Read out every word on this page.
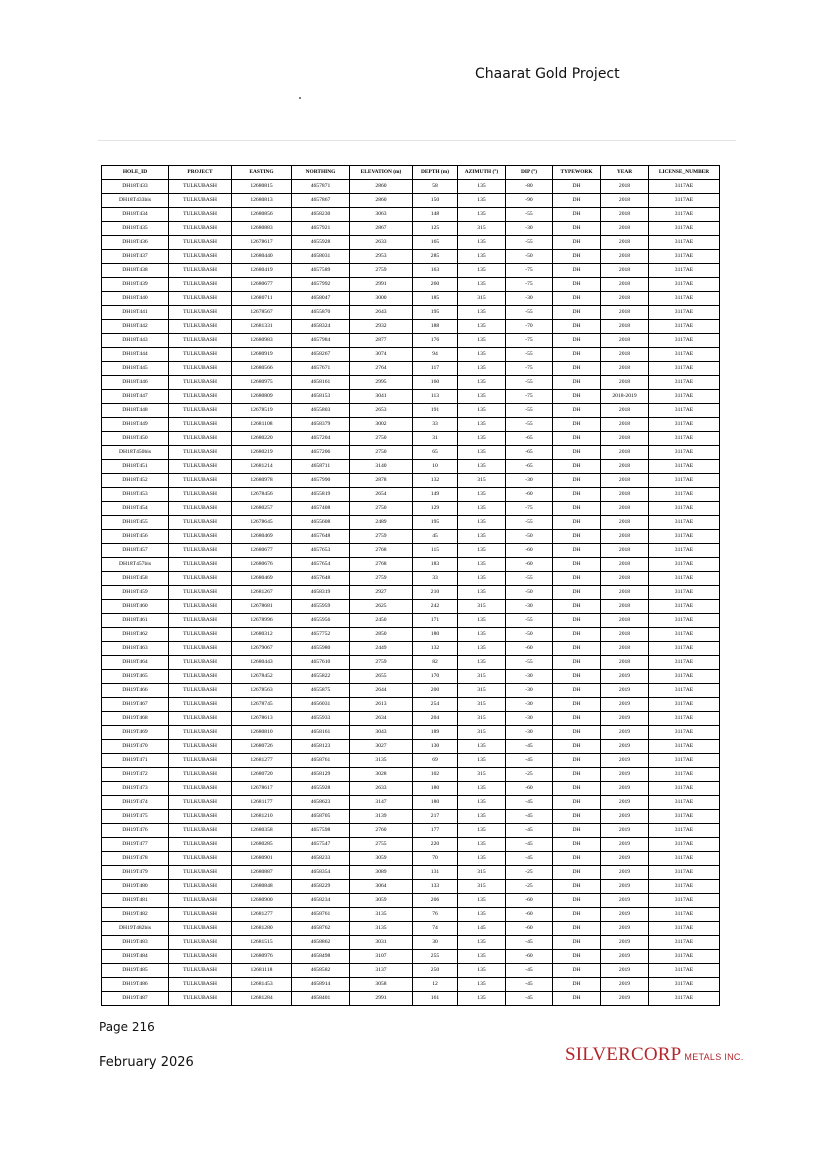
Chaarat Gold Project
HOLE_ID	PROJECT	EASTING	NORTHING	ELEVATION (m)	DEPTH (m)	AZIMUTH (°)	DIP (°)	TYPEWORK	YEAR	LICENSE_NUMBER
DH18T433	TULKUBASH	12680815	4657871	2860	58	135	-80	DH	2018	3117AE
DH18T433bis	TULKUBASH	12680813	4657867	2860	150	135	-90	DH	2018	3117AE
DH18T434	TULKUBASH	12680856	4658230	3063	148	135	-55	DH	2018	3117AE
DH18T435	TULKUBASH	12680883	4657921	2867	125	315	-30	DH	2018	3117AE
DH18T436	TULKUBASH	12678617	4655928	2633	165	135	-55	DH	2018	3117AE
DH18T437	TULKUBASH	12680440	4658031	2953	285	135	-50	DH	2018	3117AE
DH18T438	TULKUBASH	12680419	4657589	2759	163	135	-75	DH	2018	3117AE
DH18T439	TULKUBASH	12680677	4657992	2991	260	135	-75	DH	2018	3117AE
DH18T440	TULKUBASH	12680711	4658047	3000	185	315	-30	DH	2018	3117AE
DH18T441	TULKUBASH	12678567	4655870	2643	195	135	-55	DH	2018	3117AE
DH18T442	TULKUBASH	12681331	4658324	2932	188	135	-70	DH	2018	3117AE
DH18T443	TULKUBASH	12680983	4657984	2877	176	135	-75	DH	2018	3117AE
DH18T444	TULKUBASH	12680919	4658267	3074	94	135	-55	DH	2018	3117AE
DH18T445	TULKUBASH	12680566	4657671	2764	117	135	-75	DH	2018	3117AE
DH18T446	TULKUBASH	12680975	4658161	2995	160	135	-55	DH	2018	3117AE
DH18T447	TULKUBASH	12680809	4658153	3041	113	135	-75	DH	2018-2019	3117AE
DH18T448	TULKUBASH	12678519	4655803	2653	191	135	-55	DH	2018	3117AE
DH18T449	TULKUBASH	12681108	4658379	3002	33	135	-55	DH	2018	3117AE
DH18T450	TULKUBASH	12680220	4657204	2750	31	135	-65	DH	2018	3117AE
DH18T450bis	TULKUBASH	12680219	4657206	2750	65	135	-65	DH	2018	3117AE
DH18T451	TULKUBASH	12681214	4658711	3140	10	135	-65	DH	2018	3117AE
DH18T452	TULKUBASH	12680978	4657990	2878	132	315	-30	DH	2018	3117AE
DH18T453	TULKUBASH	12678456	4655819	2654	149	135	-60	DH	2018	3117AE
DH18T454	TULKUBASH	12680257	4657408	2750	129	135	-75	DH	2018	3117AE
DH18T455	TULKUBASH	12678645	4655608	2489	195	135	-55	DH	2018	3117AE
DH18T456	TULKUBASH	12680469	4657648	2759	45	135	-50	DH	2018	3117AE
DH18T457	TULKUBASH	12680677	4657653	2768	115	135	-60	DH	2018	3117AE
DH18T457bis	TULKUBASH	12680676	4657654	2768	183	135	-60	DH	2018	3117AE
DH18T458	TULKUBASH	12680469	4657648	2759	33	135	-55	DH	2018	3117AE
DH18T459	TULKUBASH	12681267	4658319	2927	210	135	-50	DH	2018	3117AE
DH18T460	TULKUBASH	12678681	4655959	2625	242	315	-30	DH	2018	3117AE
DH18T461	TULKUBASH	12678996	4655956	2450	171	135	-55	DH	2018	3117AE
DH18T462	TULKUBASH	12680312	4657752	2850	180	135	-50	DH	2018	3117AE
DH18T463	TULKUBASH	12679067	4655980	2449	132	135	-60	DH	2018	3117AE
DH18T464	TULKUBASH	12680443	4657610	2759	82	135	-55	DH	2018	3117AE
DH19T465	TULKUBASH	12678452	4655822	2655	170	315	-30	DH	2019	3117AE
DH19T466	TULKUBASH	12678563	4655875	2644	200	315	-30	DH	2019	3117AE
DH19T467	TULKUBASH	12678745	4656031	2613	254	315	-30	DH	2019	3117AE
DH19T468	TULKUBASH	12678613	4655933	2634	204	315	-30	DH	2019	3117AE
DH19T469	TULKUBASH	12680810	4658161	3043	189	315	-30	DH	2019	3117AE
DH19T470	TULKUBASH	12680726	4658123	3027	130	135	-45	DH	2019	3117AE
DH19T471	TULKUBASH	12681277	4658761	3135	69	135	-45	DH	2019	3117AE
DH19T472	TULKUBASH	12680720	4658129	3028	102	315	-25	DH	2019	3117AE
DH19T473	TULKUBASH	12678617	4655928	2633	180	135	-60	DH	2019	3117AE
DH19T474	TULKUBASH	12681177	4658623	3147	180	135	-45	DH	2019	3117AE
DH19T475	TULKUBASH	12681210	4658705	3139	217	135	-45	DH	2019	3117AE
DH19T476	TULKUBASH	12680358	4657598	2760	177	135	-45	DH	2019	3117AE
DH19T477	TULKUBASH	12680285	4657547	2755	220	135	-45	DH	2019	3117AE
DH19T478	TULKUBASH	12680901	4658233	3059	70	135	-45	DH	2019	3117AE
DH19T479	TULKUBASH	12680887	4658354	3089	131	315	-25	DH	2019	3117AE
DH19T480	TULKUBASH	12680848	4658229	3064	133	315	-25	DH	2019	3117AE
DH19T481	TULKUBASH	12680900	4658234	3059	206	135	-60	DH	2019	3117AE
DH19T482	TULKUBASH	12681277	4658761	3135	76	135	-60	DH	2019	3117AE
DH19T482bis	TULKUBASH	12681280	4658762	3135	74	145	-60	DH	2019	3117AE
DH19T483	TULKUBASH	12681515	4658862	3031	30	135	-45	DH	2019	3117AE
DH19T484	TULKUBASH	12680976	4658498	3107	255	135	-60	DH	2019	3117AE
DH19T485	TULKUBASH	12681118	4658582	3137	250	135	-45	DH	2019	3117AE
DH19T486	TULKUBASH	12681453	4658914	3058	12	135	-45	DH	2019	3117AE
DH19T487	TULKUBASH	12681284	4658401	2991	161	135	-45	DH	2019	3117AE
Page 216
February 2026	SILVERCORP METALS INC.
